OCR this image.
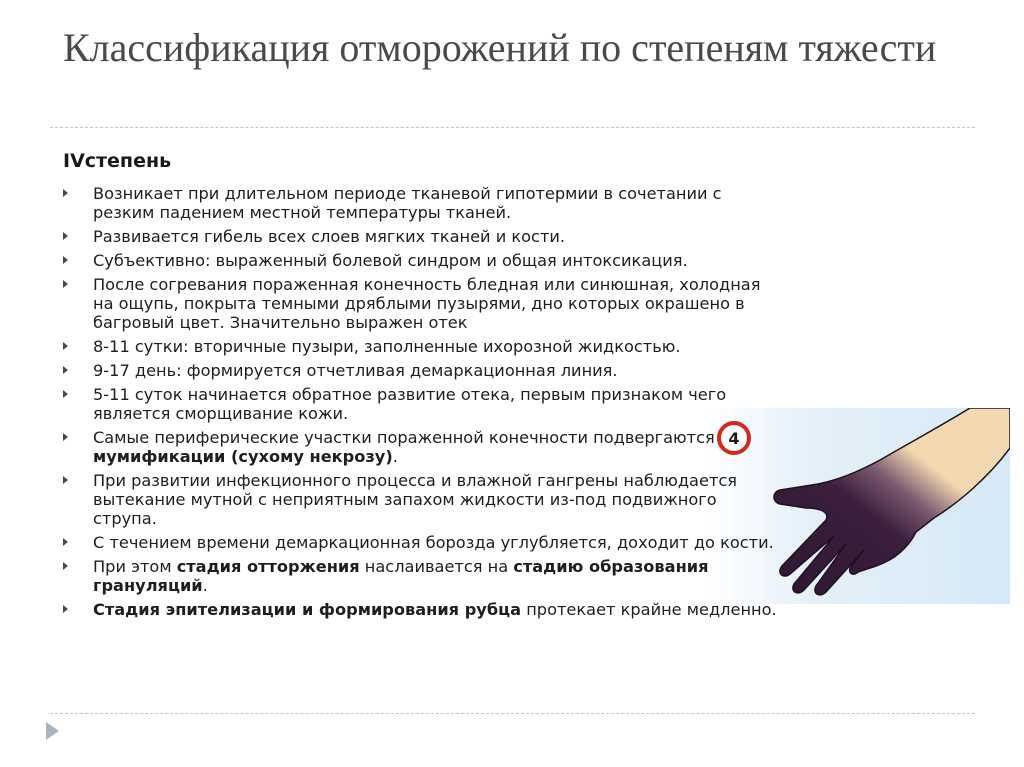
Классификация отморожений по степеням тяжести
IVстепень
Возникает при длительном периоде тканевой гипотермии в сочетании с резким падением местной температуры тканей.
Развивается гибель всех слоев мягких тканей и кости.
Субъективно: выраженный болевой синдром и общая интоксикация.
После согревания пораженная конечность бледная или синюшная, холодная на ощупь, покрыта темными дряблыми пузырями, дно которых окрашено в багровый цвет. Значительно выражен отек
8-11 сутки: вторичные пузыри, заполненные ихорозной жидкостью.
9-17 день: формируется отчетливая демаркационная линия.
5-11 суток начинается обратное развитие отека, первым признаком чего является сморщивание кожи.
Самые периферические участки пораженной конечности подвергаются мумификации (сухому некрозу).
При развитии инфекционного процесса и влажной гангрены наблюдается вытекание мутной с неприятным запахом жидкости из-под подвижного струпа.
С течением времени демаркационная борозда углубляется, доходит до кости.
При этом стадия отторжения наслаивается на стадию образования грануляций.
Стадия эпителизации и формирования рубца протекает крайне медленно.
4
